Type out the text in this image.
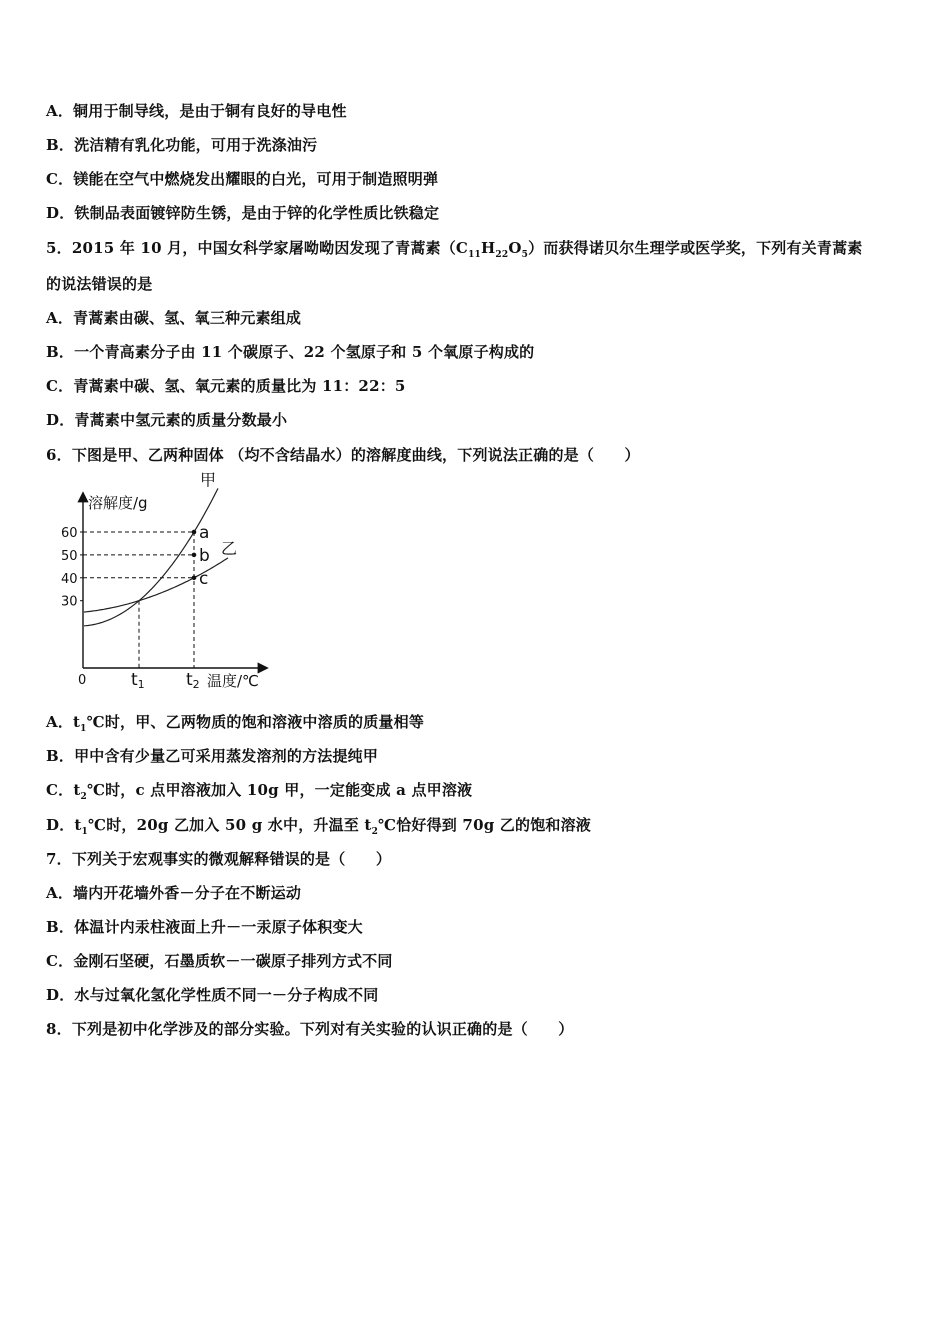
A．铜用于制导线，是由于铜有良好的导电性
B．洗洁精有乳化功能，可用于洗涤油污
C．镁能在空气中燃烧发出耀眼的白光，可用于制造照明弹
D．铁制品表面镀锌防生锈，是由于锌的化学性质比铁稳定
5．2015 年 10 月，中国女科学家屠呦呦因发现了青蒿素$(C_{11}H_{22}O_5)$而获得诺贝尔生理学或医学奖，下列有关青蒿素
的说法错误的是
A．青蒿素由碳、氢、氧三种元素组成
B．一个青高素分子由 11 个碳原子、22 个氢原子和 5 个氧原子构成的
C．青蒿素中碳、氢、氧元素的质量比为 11：22：5
D．青蒿素中氢元素的质量分数最小
6．下图是甲、乙两种固体 （均不含结晶水）的溶解度曲线，下列说法正确的是（　　）
溶解度/g
温度/℃
0
60
50
40
30
t1 t2
甲
乙
a
b
c
A．$t_1℃$时，甲、乙两物质的饱和溶液中溶质的质量相等
B．甲中含有少量乙可采用蒸发溶剂的方法提纯甲
C．$t_2℃$时，c 点甲溶液加入 10g 甲，一定能变成 a 点甲溶液
D．$t_1℃$时，20g 乙加入 50 g 水中，升温至 $t_2℃$恰好得到 70g 乙的饱和溶液
7．下列关于宏观事实的微观解释错误的是（　　）
A．墙内开花墙外香－分子在不断运动
B．体温计内汞柱液面上升－一汞原子体积变大
C．金刚石坚硬，石墨质软－一碳原子排列方式不同
D．水与过氧化氢化学性质不同一－分子构成不同
8．下列是初中化学涉及的部分实验。下列对有关实验的认识正确的是（　　）
